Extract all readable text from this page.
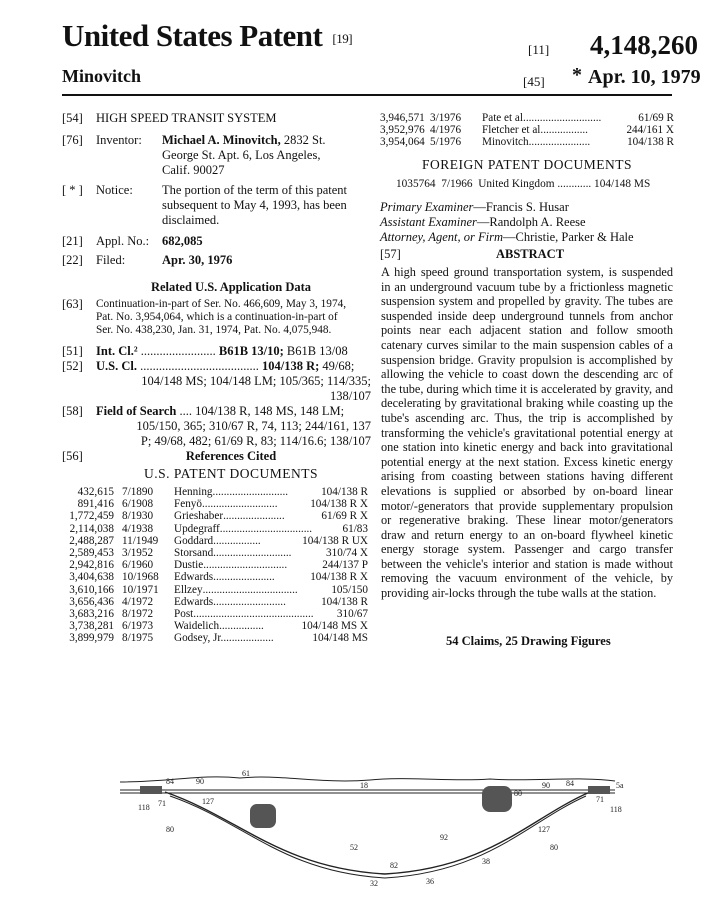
United States Patent [19]
Minovitch
[11] 4,148,260
[45] * Apr. 10, 1979
[54] HIGH SPEED TRANSIT SYSTEM
[76] Inventor: Michael A. Minovitch, 2832 St.
George St. Apt. 6, Los Angeles,
Calif. 90027
[ * ] Notice: The portion of the term of this patent
subsequent to May 4, 1993, has been
disclaimed.
[21] Appl. No.: 682,085
[22] Filed:	Apr. 30, 1976
Related U.S. Application Data
[63] Continuation-in-part of Ser. No. 466,609, May 3, 1974,
Pat. No. 3,954,064, which is a continuation-in-part of
Ser. No. 438,230, Jan. 31, 1974, Pat. No. 4,075,948.
[51] Int. Cl.² ........................ B61B 13/10; B61B 13/08
[52] U.S. Cl. ...................................... 104/138 R; 49/68;
104/148 MS; 104/148 LM; 105/365; 114/335;
138/107
[58] Field of Search .... 104/138 R, 148 MS, 148 LM;
105/150, 365; 310/67 R, 74, 113; 244/161, 137
P; 49/68, 482; 61/69 R, 83; 114/16.6; 138/107
[56]	References Cited
U.S. PATENT DOCUMENTS
432,615	7/1890	Henning ........................... 104/138 R

891,416	6/1908	Fenyö ........................... 104/138 R X

1,772,459	8/1930	Grieshaber ...................... 61/69 R X

2,114,038	4/1938	Updegraff ................................. 61/83

2,488,287	11/1949	Goddard ................. 104/138 R UX

2,589,453	3/1952	Storsand ............................ 310/74 X

2,942,816	6/1960	Dustie .............................. 244/137 P

3,404,638	10/1968	Edwards ...................... 104/138 R X

3,610,166	10/1971	Ellzey .................................. 105/150

3,656,436	4/1972	Edwards .......................... 104/138 R

3,683,216	8/1972	Post ........................................... 310/67

3,738,281	6/1973	Waidelich ................ 104/148 MS X

3,899,979	8/1975	Godsey, Jr. .................. 104/148 MS
3,946,571	3/1976	Pate et al. ........................... 61/69 R

3,952,976	4/1976	Fletcher et al. ................ 244/161 X

3,954,064	5/1976	Minovitch ...................... 104/138 R
FOREIGN PATENT DOCUMENTS
1035764 7/1966 United Kingdom ............ 104/148 MS
Primary Examiner—Francis S. Husar
Assistant Examiner—Randolph A. Reese
Attorney, Agent, or Firm—Christie, Parker & Hale
[57]	ABSTRACT
A high speed ground transportation system, is suspended in an underground vacuum tube by a frictionless magnetic suspension system and propelled by gravity. The tubes are suspended inside deep underground tunnels from anchor points near each adjacent station and follow smooth catenary curves similar to the main suspension cables of a suspension bridge. Gravity propulsion is accomplished by allowing the vehicle to coast down the descending arc of the tube, during which time it is accelerated by gravity, and decelerating by gravitational braking while coasting up the tube's ascending arc. Thus, the trip is accomplished by transforming the vehicle's gravitational potential energy at one station into kinetic energy and back into gravitational potential energy at the next station. Excess kinetic energy arising from coasting between stations having different elevations is supplied or absorbed by on-board linear motor/-generators that provide supplementary propulsion or regenerative braking. These linear motor/generators draw and return energy to an on-board flywheel kinetic energy storage system. Passenger and cargo transfer between the vehicle's interior and station is made without removing the vacuum environment of the vehicle, by providing air-locks through the tube walls at the station.
54 Claims, 25 Drawing Figures
61
84	90
127
71
118
80
52
18
82
32	36
92
38
127
80
84	5a
71
118
90
80
